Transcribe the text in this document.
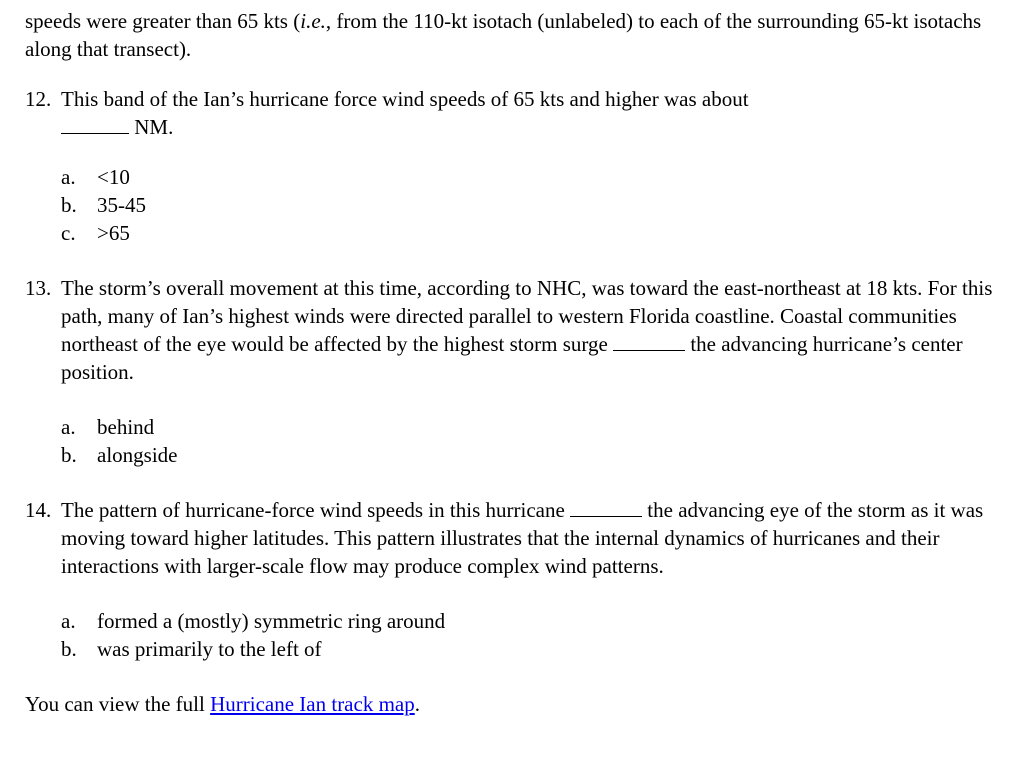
speeds were greater than 65 kts (i.e., from the 110-kt isotach (unlabeled) to each of the surrounding 65-kt isotachs along that transect).

12. This band of the Ian’s hurricane force wind speeds of 65 kts and higher was about
NM.
a. <10
b. 35-45
c. >65
13. The storm’s overall movement at this time, according to NHC, was toward the east-northeast at 18 kts. For this path, many of Ian’s highest winds were directed parallel to western Florida coastline. Coastal communities northeast of the eye would be affected by the highest storm surge	the advancing hurricane’s center position.
a. behind
b. alongside
14. The pattern of hurricane-force wind speeds in this hurricane	the advancing eye of the storm as it was moving toward higher latitudes. This pattern illustrates that the internal dynamics of hurricanes and their interactions with larger-scale flow may produce complex wind patterns.
a. formed a (mostly) symmetric ring around
b. was primarily to the left of

You can view the full Hurricane Ian track map.
